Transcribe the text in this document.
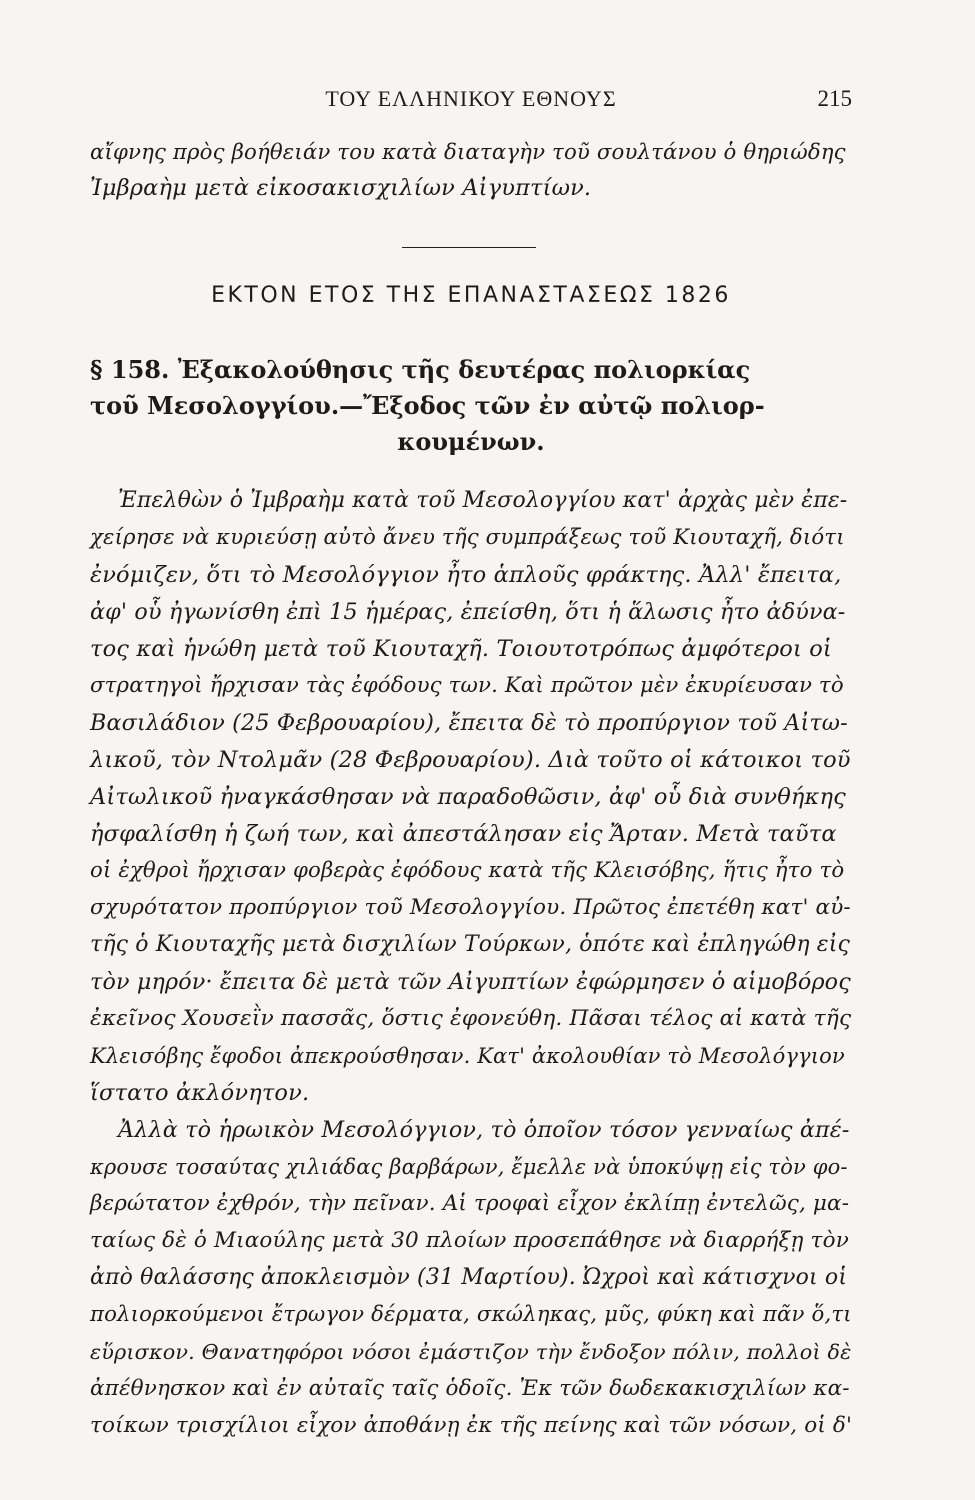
ΤΟΥ ΕΛΛΗΝΙΚΟΥ ΕΘΝΟΥΣ	215
αἴφνης πρὸς βοήθειάν του κατὰ διαταγὴν τοῦ σουλτάνου ὁ θηριώδης
Ἰμβραὴμ μετὰ εἰκοσακισχιλίων Αἰγυπτίων.
ΕΚΤΟΝ ΕΤΟΣ ΤΗΣ ΕΠΑΝΑΣΤΑΣΕΩΣ 1826
§ 158. Ἐξακολούθησις τῆς δευτέρας πολιορκίας
τοῦ Μεσολογγίου.—Ἔξοδος τῶν ἐν αὐτῷ πολιορ-
κουμένων.
Ἐπελθὼν ὁ Ἰμβραὴμ κατὰ τοῦ Μεσολογγίου κατ' ἀρχὰς μὲν ἐπε-
χείρησε νὰ κυριεύσῃ αὐτὸ ἄνευ τῆς συμπράξεως τοῦ Κιουταχῆ, διότι
ἐνόμιζεν, ὅτι τὸ Μεσολόγγιον ἦτο ἁπλοῦς φράκτης. Ἀλλ' ἔπειτα,
ἀφ' οὗ ἠγωνίσθη ἐπὶ 15 ἡμέρας, ἐπείσθη, ὅτι ἡ ἅλωσις ἦτο ἀδύνα-
τος καὶ ἡνώθη μετὰ τοῦ Κιουταχῆ. Τοιουτοτρόπως ἀμφότεροι οἱ
στρατηγοὶ ἤρχισαν τὰς ἐφόδους των. Καὶ πρῶτον μὲν ἐκυρίευσαν τὸ
Βασιλάδιον (25 Φεβρουαρίου), ἔπειτα δὲ τὸ προπύργιον τοῦ Αἰτω-
λικοῦ, τὸν Ντολμᾶν (28 Φεβρουαρίου). Διὰ τοῦτο οἱ κάτοικοι τοῦ
Αἰτωλικοῦ ἠναγκάσθησαν νὰ παραδοθῶσιν, ἀφ' οὗ διὰ συνθήκης
ἠσφαλίσθη ἡ ζωή των, καὶ ἀπεστάλησαν εἰς Ἄρταν. Μετὰ ταῦτα
οἱ ἐχθροὶ ἤρχισαν φοβερὰς ἐφόδους κατὰ τῆς Κλεισόβης, ἥτις ἦτο τὸ
σχυρότατον προπύργιον τοῦ Μεσολογγίου. Πρῶτος ἐπετέθη κατ' αὐ-
τῆς ὁ Κιουταχῆς μετὰ δισχιλίων Τούρκων, ὁπότε καὶ ἐπληγώθη εἰς
τὸν μηρόν· ἔπειτα δὲ μετὰ τῶν Αἰγυπτίων ἐφώρμησεν ὁ αἱμοβόρος
ἐκεῖνος Χουσεῒν πασσᾶς, ὅστις ἐφονεύθη. Πᾶσαι τέλος αἱ κατὰ τῆς
Κλεισόβης ἔφοδοι ἀπεκρούσθησαν. Κατ' ἀκολουθίαν τὸ Μεσολόγγιον
ἵστατο ἀκλόνητον.
Ἀλλὰ τὸ ἡρωικὸν Μεσολόγγιον, τὸ ὁποῖον τόσον γενναίως ἀπέ-
κρουσε τοσαύτας χιλιάδας βαρβάρων, ἔμελλε νὰ ὑποκύψῃ εἰς τὸν φο-
βερώτατον ἐχθρόν, τὴν πεῖναν. Αἱ τροφαὶ εἶχον ἐκλίπῃ ἐντελῶς, μα-
ταίως δὲ ὁ Μιαούλης μετὰ 30 πλοίων προσεπάθησε νὰ διαρρήξῃ τὸν
ἀπὸ θαλάσσης ἀποκλεισμὸν (31 Μαρτίου). Ὠχροὶ καὶ κάτισχνοι οἱ
πολιορκούμενοι ἔτρωγον δέρματα, σκώληκας, μῦς, φύκη καὶ πᾶν ὅ,τι
εὕρισκον. Θανατηφόροι νόσοι ἐμάστιζον τὴν ἔνδοξον πόλιν, πολλοὶ δὲ
ἀπέθνησκον καὶ ἐν αὐταῖς ταῖς ὁδοῖς. Ἐκ τῶν δωδεκακισχιλίων κα-
τοίκων τρισχίλιοι εἶχον ἀποθάνῃ ἐκ τῆς πείνης καὶ τῶν νόσων, οἱ δ'
